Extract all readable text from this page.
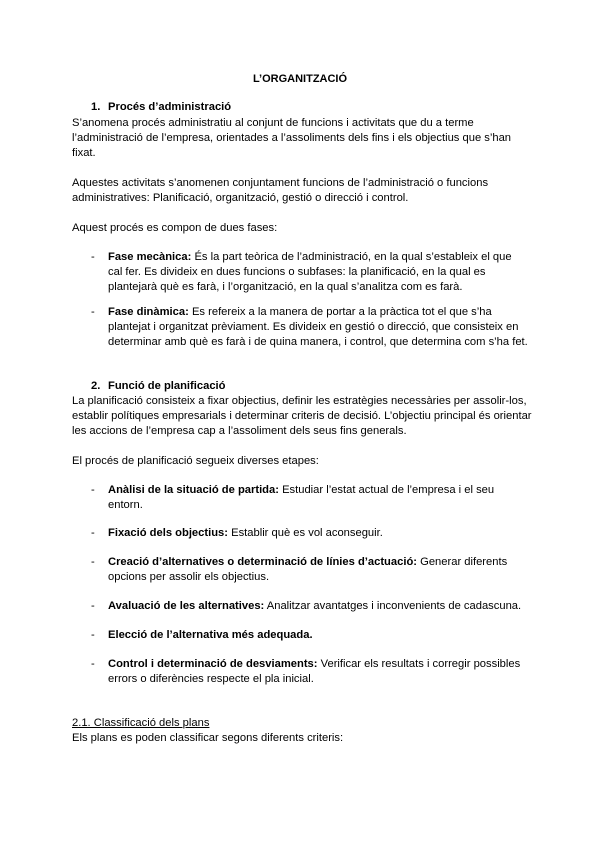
L’ORGANITZACIÓ
1. Procés d’administració

S’anomena procés administratiu al conjunt de funcions i activitats que du a terme l’administració de l’empresa, orientades a l’assoliments dels fins i els objectius que s’han fixat.

Aquestes activitats s’anomenen conjuntament funcions de l’administració o funcions administratives: Planificació, organització, gestió o direcció i control.

Aquest procés es compon de dues fases:

- Fase mecànica: És la part teòrica de l’administració, en la qual s’estableix el que cal fer. Es divideix en dues funcions o subfases: la planificació, en la qual es plantejarà què es farà, i l’organització, en la qual s’analitza com es farà.
- Fase dinàmica: Es refereix a la manera de portar a la pràctica tot el que s’ha plantejat i organitzat prèviament. Es divideix en gestió o direcció, que consisteix en determinar amb què es farà i de quina manera, i control, que determina com s’ha fet.
2. Funció de planificació

La planificació consisteix a fixar objectius, definir les estratègies necessàries per assolir-los, establir polítiques empresarials i determinar criteris de decisió. L’objectiu principal és orientar les accions de l’empresa cap a l’assoliment dels seus fins generals.

El procés de planificació segueix diverses etapes:

- Anàlisi de la situació de partida: Estudiar l’estat actual de l’empresa i el seu entorn.
- Fixació dels objectius: Establir què es vol aconseguir.
- Creació d’alternatives o determinació de línies d’actuació: Generar diferents opcions per assolir els objectius.
- Avaluació de les alternatives: Analitzar avantatges i inconvenients de cadascuna.
- Elecció de l’alternativa més adequada.
- Control i determinació de desviaments: Verificar els resultats i corregir possibles errors o diferències respecte el pla inicial.
2.1. Classificació dels plans

Els plans es poden classificar segons diferents criteris:
